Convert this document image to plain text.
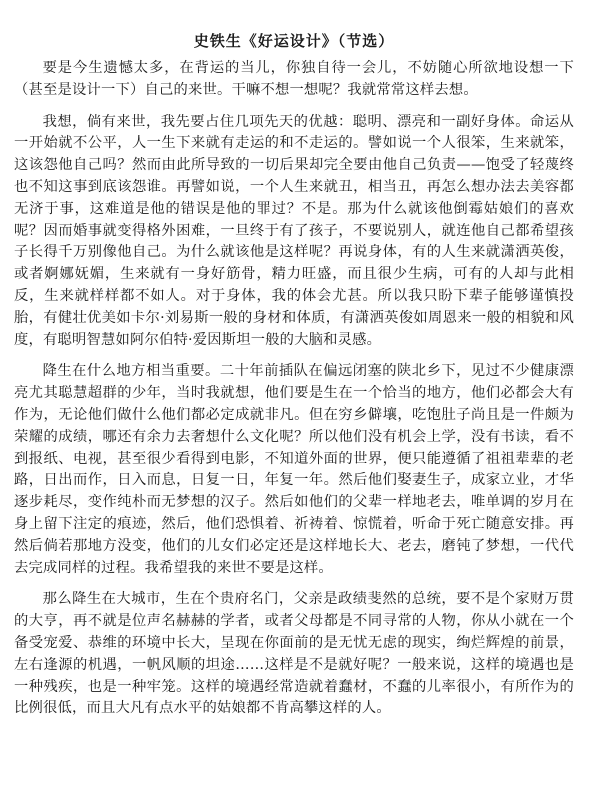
史铁生《好运设计》（节选）

要是今生遗憾太多，在背运的当儿，你独自待一会儿，不妨随心所欲地设想一下（甚至是设计一下）自己的来世。干嘛不想一想呢？我就常常这样去想。

我想，倘有来世，我先要占住几项先天的优越：聪明、漂亮和一副好身体。命运从一开始就不公平，人一生下来就有走运的和不走运的。譬如说一个人很笨，生来就笨，这该怨他自己吗？然而由此所导致的一切后果却完全要由他自己负责——饱受了轻蔑终也不知这事到底该怨谁。再譬如说，一个人生来就丑，相当丑，再怎么想办法去美容都无济于事，这难道是他的错误是他的罪过？不是。那为什么就该他倒霉姑娘们的喜欢呢？因而婚事就变得格外困难，一旦终于有了孩子，不要说别人，就连他自己都希望孩子长得千万别像他自己。为什么就该他是这样呢？再说身体，有的人生来就潇洒英俊，或者婀娜妩媚，生来就有一身好筋骨，精力旺盛，而且很少生病，可有的人却与此相反，生来就样样都不如人。对于身体，我的体会尤甚。所以我只盼下辈子能够谨慎投胎，有健壮优美如卡尔·刘易斯一般的身材和体质，有潇洒英俊如周恩来一般的相貌和风度，有聪明智慧如阿尔伯特·爱因斯坦一般的大脑和灵感。

降生在什么地方相当重要。二十年前插队在偏远闭塞的陕北乡下，见过不少健康漂亮尤其聪慧超群的少年，当时我就想，他们要是生在一个恰当的地方，他们必都会大有作为，无论他们做什么他们都必定成就非凡。但在穷乡僻壤，吃饱肚子尚且是一件颇为荣耀的成绩，哪还有余力去奢想什么文化呢？所以他们没有机会上学，没有书读，看不到报纸、电视，甚至很少看得到电影，不知道外面的世界，便只能遵循了祖祖辈辈的老路，日出而作，日入而息，日复一日，年复一年。然后他们娶妻生子，成家立业，才华逐步耗尽，变作纯朴而无梦想的汉子。然后如他们的父辈一样地老去，唯单调的岁月在身上留下注定的痕迹，然后，他们恐惧着、祈祷着、惊慌着，听命于死亡随意安排。再然后倘若那地方没变，他们的儿女们必定还是这样地长大、老去，磨钝了梦想，一代代去完成同样的过程。我希望我的来世不要是这样。

那么降生在大城市，生在个贵府名门，父亲是政绩斐然的总统，要不是个家财万贯的大亨，再不就是位声名赫赫的学者，或者父母都是不同寻常的人物，你从小就在一个备受宠爱、恭维的环境中长大，呈现在你面前的是无忧无虑的现实，绚烂辉煌的前景，左右逢源的机遇，一帆风顺的坦途……这样是不是就好呢？一般来说，这样的境遇也是一种残疾，也是一种牢笼。这样的境遇经常造就着蠢材，不蠢的儿率很小，有所作为的比例很低，而且大凡有点水平的姑娘都不肯高攀这样的人。
